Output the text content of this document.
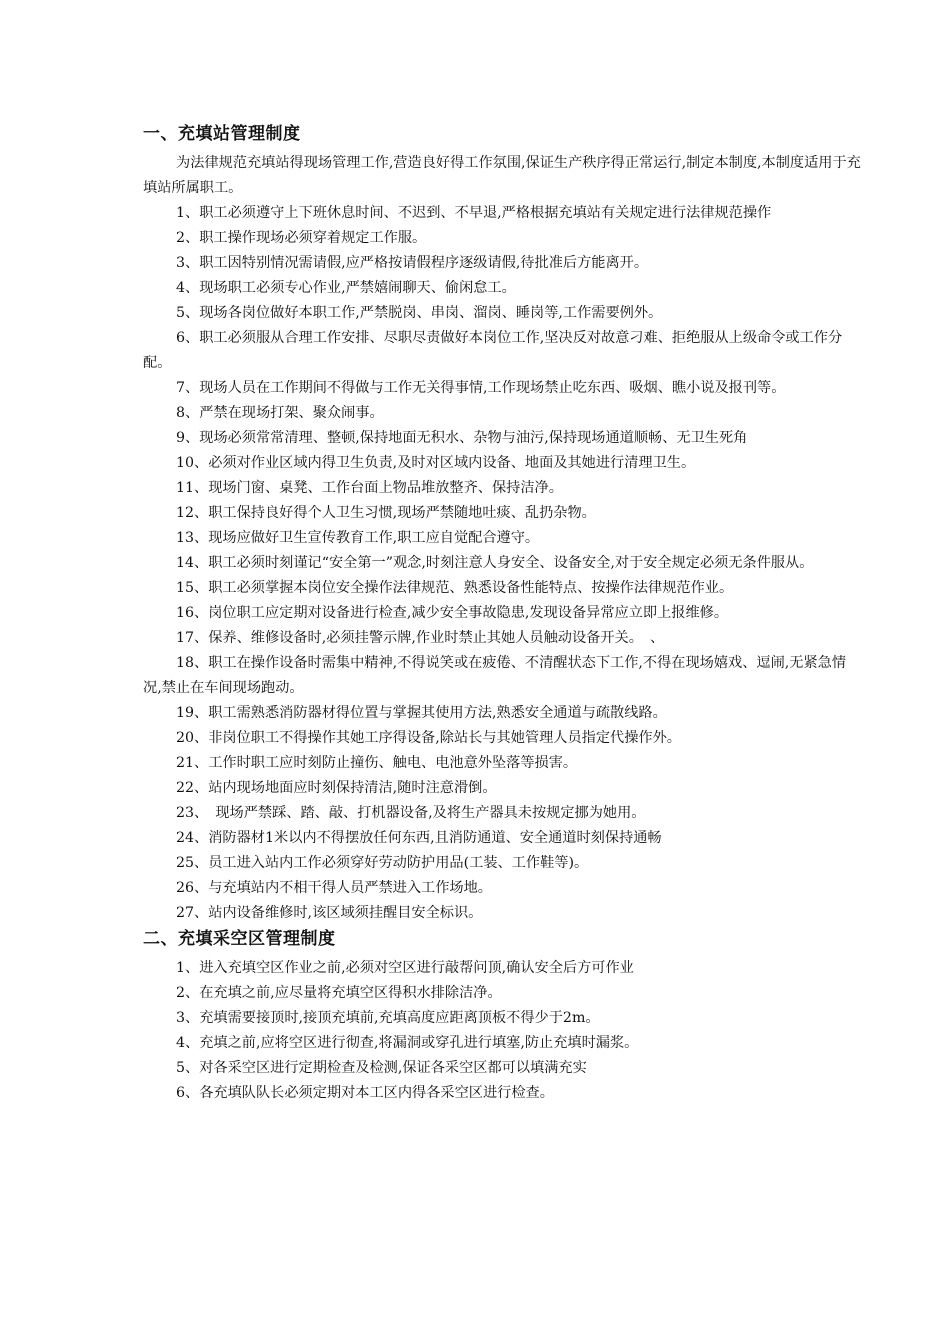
一、充填站管理制度

为法律规范充填站得现场管理工作,营造良好得工作氛围,保证生产秩序得正常运行,制定本制度,本制度适用于充填站所属职工。

1、职工必须遵守上下班休息时间、不迟到、不早退,严格根据充填站有关规定进行法律规范操作

2、职工操作现场必须穿着规定工作服。

3、职工因特别情况需请假,应严格按请假程序逐级请假,待批准后方能离开。

4、现场职工必须专心作业,严禁嬉闹聊天、偷闲怠工。

5、现场各岗位做好本职工作,严禁脱岗、串岗、溜岗、睡岗等,工作需要例外。

6、职工必须服从合理工作安排、尽职尽责做好本岗位工作,坚决反对故意刁难、拒绝服从上级命令或工作分配。

7、现场人员在工作期间不得做与工作无关得事情,工作现场禁止吃东西、吸烟、瞧小说及报刊等。

8、严禁在现场打架、聚众闹事。

9、现场必须常常清理、整顿,保持地面无积水、杂物与油污,保持现场通道顺畅、无卫生死角

10、必须对作业区域内得卫生负责,及时对区域内设备、地面及其她进行清理卫生。

11、现场门窗、桌凳、工作台面上物品堆放整齐、保持洁净。

12、职工保持良好得个人卫生习惯,现场严禁随地吐痰、乱扔杂物。

13、现场应做好卫生宣传教育工作,职工应自觉配合遵守。

14、职工必须时刻谨记“安全第一”观念,时刻注意人身安全、设备安全,对于安全规定必须无条件服从。

15、职工必须掌握本岗位安全操作法律规范、熟悉设备性能特点、按操作法律规范作业。

16、岗位职工应定期对设备进行检查,减少安全事故隐患,发现设备异常应立即上报维修。

17、保养、维修设备时,必须挂警示牌,作业时禁止其她人员触动设备开关。　、

18、职工在操作设备时需集中精神,不得说笑或在疲倦、不清醒状态下工作,不得在现场嬉戏、逗闹,无紧急情况,禁止在车间现场跑动。

19、职工需熟悉消防器材得位置与掌握其使用方法,熟悉安全通道与疏散线路。

20、非岗位职工不得操作其她工序得设备,除站长与其她管理人员指定代操作外。

21、工作时职工应时刻防止撞伤、触电、电池意外坠落等损害。

22、站内现场地面应时刻保持清洁,随时注意滑倒。

23、　现场严禁踩、踏、敲、打机器设备,及将生产器具未按规定挪为她用。

24、消防器材1米以内不得摆放任何东西,且消防通道、安全通道时刻保持通畅

25、员工进入站内工作必须穿好劳动防护用品(工装、工作鞋等)。

26、与充填站内不相干得人员严禁进入工作场地。

27、站内设备维修时,该区域须挂醒目安全标识。

二、充填采空区管理制度

1、进入充填空区作业之前,必须对空区进行敲帮问顶,确认安全后方可作业

2、在充填之前,应尽量将充填空区得积水排除洁净。

3、充填需要接顶时,接顶充填前,充填高度应距离顶板不得少于2m。

4、充填之前,应将空区进行彻查,将漏洞或穿孔进行填塞,防止充填时漏浆。

5、对各采空区进行定期检查及检测,保证各采空区都可以填满充实

6、各充填队队长必须定期对本工区内得各采空区进行检查。
